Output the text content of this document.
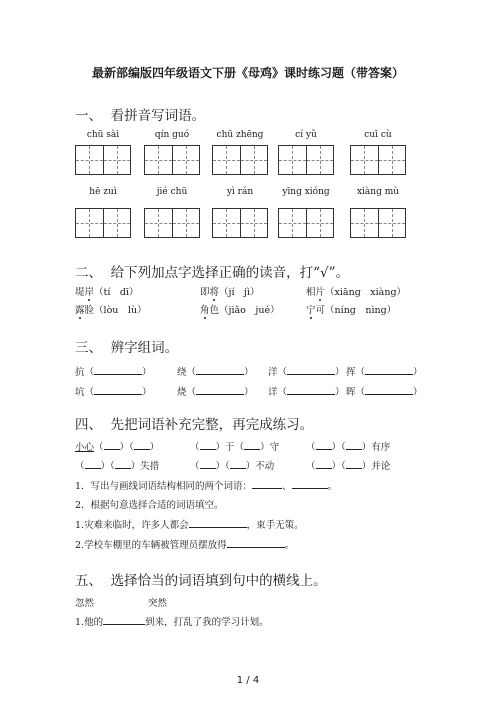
最新部编版四年级语文下册《母鸡》课时练习题（带答案）
一、 看拼音写词语。
chū sài	qín guó	chū zhēng	cí yǔ	cuī cù
hē zuì	jié chū	yì rán	yīng xióng	xiàng mù
二、 给下列加点字选择正确的读音，打“√”。
堤岸（tí　dī）	即将（jí　jì）	相片（xiāng　xiàng）
露脸（lòu　lù）	角色（jiǎo　jué）	宁可（níng　nìng）
三、 辨字组词。
抗（	）	绕（	） 洋（	） 挥（	）
坑（	）	烧（	） 详（	） 晖（	）
四、 先把词语补充完整，再完成练习。
小心（ ）（ ）	（ ）于（ ）守	（ ）（ ）有序
（ ）（ ）失措	（ ）（ ）不动	（ ）（ ）并论
1．写出与画线词语结构相同的两个词语：	、	。
2．根据句意选择合适的词语填空。
1.灾难来临时，许多人都会	，束手无策。
2.学校车棚里的车辆被管理员摆放得	。
五、 选择恰当的词语填到句中的横线上。
忽然	突然
1.他的	到来，打乱了我的学习计划。
1 / 4
